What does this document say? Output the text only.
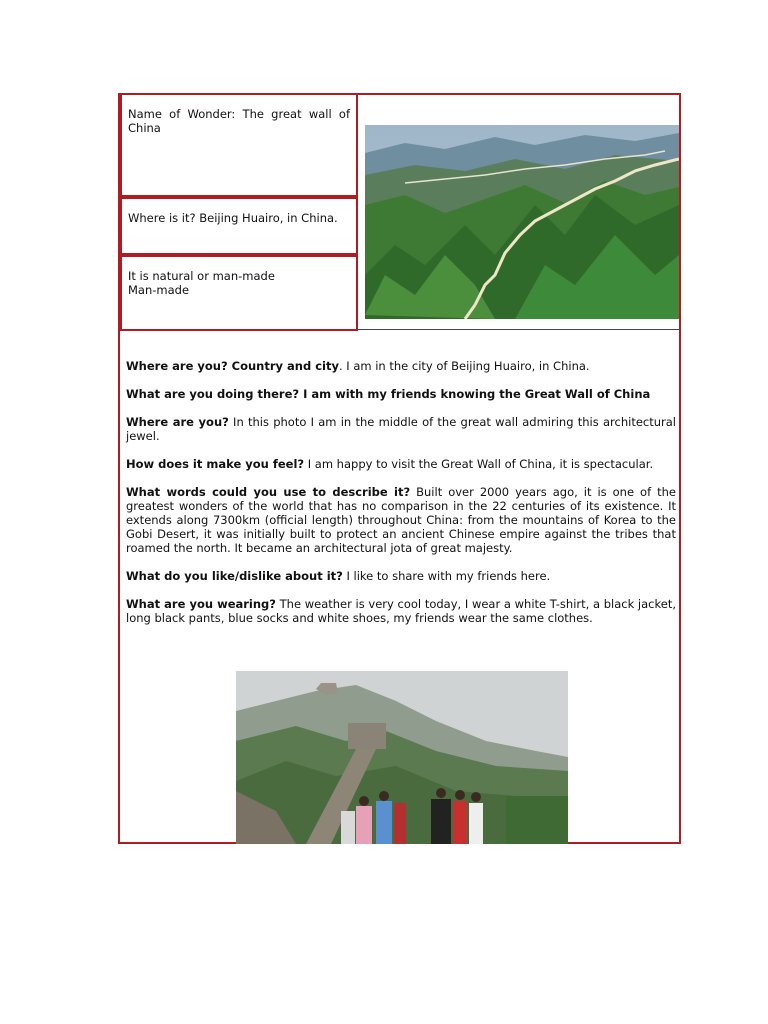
Name of Wonder: The great wall of China
Where is it? Beijing Huairo, in China.
It is natural or man-made
Man-made

Where are you? Country and city. I am in the city of Beijing Huairo, in China.

What are you doing there? I am with my friends knowing the Great Wall of China

Where are you? In this photo I am in the middle of the great wall admiring this architectural jewel.

How does it make you feel? I am happy to visit the Great Wall of China, it is spectacular.

What words could you use to describe it? Built over 2000 years ago, it is one of the greatest wonders of the world that has no comparison in the 22 centuries of its existence. It extends along 7300km (official length) throughout China: from the mountains of Korea to the Gobi Desert, it was initially built to protect an ancient Chinese empire against the tribes that roamed the north. It became an architectural jota of great majesty.

What do you like/dislike about it? I like to share with my friends here.

What are you wearing? The weather is very cool today, I wear a white T-shirt, a black jacket, long black pants, blue socks and white shoes, my friends wear the same clothes.
